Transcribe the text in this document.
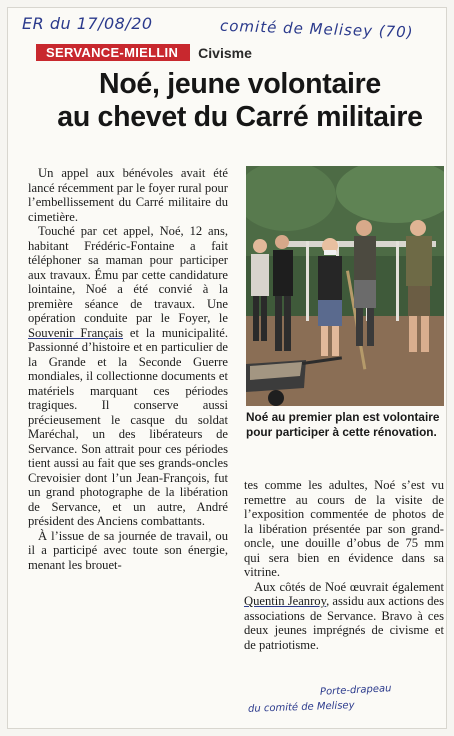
ER du 17/08/20	comité de Melisey (70)
SERVANCE-MIELLIN	Civisme
Noé, jeune volontaire
au chevet du Carré militaire

Un appel aux bénévoles avait été lancé récemment par le foyer rural pour l’embellissement du Carré militaire du cimetière.

Touché par cet appel, Noé, 12 ans, habitant Frédéric-Fontaine a fait téléphoner sa maman pour participer aux travaux. Ému par cette candidature lointaine, Noé a été convié à la première séance de travaux. Une opération conduite par le Foyer, le Souvenir Français et la municipalité. Passionné d’histoire et en particulier de la Grande et la Seconde Guerre mondiales, il collectionne documents et matériels marquant ces périodes tragiques. Il conserve aussi précieusement le casque du soldat Maréchal, un des libérateurs de Servance. Son attrait pour ces périodes tient aussi au fait que ses grands-oncles Crevoisier dont l’un Jean-François, fut un grand photographe de la libération de Servance, et un autre, André président des Anciens combattants.

À l’issue de sa journée de travail, ou il a participé avec toute son énergie, menant les brouet-

Noé au premier plan est volontaire pour participer à cette rénovation.

tes comme les adultes, Noé s’est vu remettre au cours de la visite de l’exposition commentée de photos de la libération présentée par son grand-oncle, une douille d’obus de 75 mm qui sera bien en évidence dans sa vitrine.

Aux côtés de Noé œuvrait également Quentin Jeanroy, assidu aux actions des associations de Servance. Bravo à ces deux jeunes imprégnés de civisme et de patriotisme.

Porte-drapeau
du comité de Melisey
